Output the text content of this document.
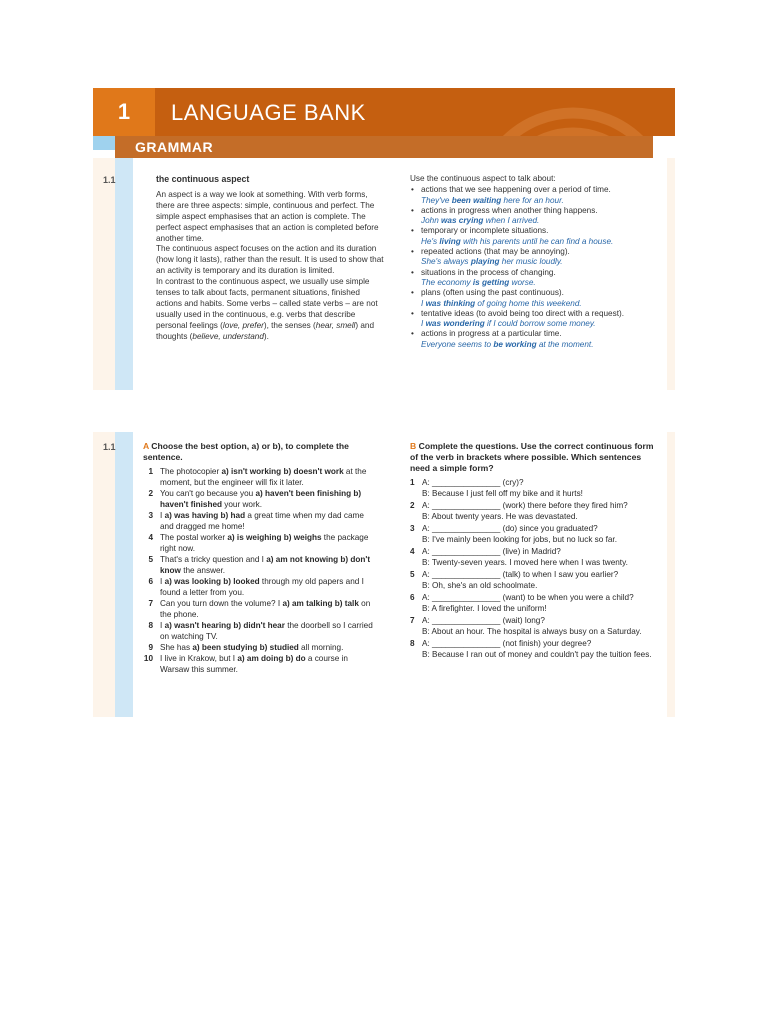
1	LANGUAGE BANK
GRAMMAR
1.1	the continuous aspect

An aspect is a way we look at something. With verb forms, there are three aspects: simple, continuous and perfect. The simple aspect emphasises that an action is complete. The perfect aspect emphasises that an action is completed before another time.

The continuous aspect focuses on the action and its duration (how long it lasts), rather than the result. It is used to show that an activity is temporary and its duration is limited.

In contrast to the continuous aspect, we usually use simple tenses to talk about facts, permanent situations, finished actions and habits. Some verbs – called state verbs – are not usually used in the continuous, e.g. verbs that describe personal feelings (love, prefer), the senses (hear, smell) and thoughts (believe, understand).

Use the continuous aspect to talk about:

• actions that we see happening over a period of time.
They've been waiting here for an hour.
• actions in progress when another thing happens.
John was crying when I arrived.
• temporary or incomplete situations.
He's living with his parents until he can find a house.
• repeated actions (that may be annoying).
She's always playing her music loudly.
• situations in the process of changing.
The economy is getting worse.
• plans (often using the past continuous).
I was thinking of going home this weekend.
• tentative ideas (to avoid being too direct with a request).
I was wondering if I could borrow some money.
• actions in progress at a particular time.
Everyone seems to be working at the moment.
1.1	A Choose the best option, a) or b), to complete the sentence.
1 The photocopier a) isn't working b) doesn't work at the moment, but the engineer will fix it later.
2 You can't go because you a) haven't been finishing b) haven't finished your work.
3 I a) was having b) had a great time when my dad came and dragged me home!
4 The postal worker a) is weighing b) weighs the package right now.
5 That's a tricky question and I a) am not knowing b) don't know the answer.
6 I a) was looking b) looked through my old papers and I found a letter from you.
7 Can you turn down the volume? I a) am talking b) talk on the phone.
8 I a) wasn't hearing b) didn't hear the doorbell so I carried on watching TV.
9 She has a) been studying b) studied all morning.
10 I live in Krakow, but I a) am doing b) do a course in Warsaw this summer.
B Complete the questions. Use the correct continuous form of the verb in brackets where possible. Which sentences need a simple form?
1 A: _______________ (cry)?
B: Because I just fell off my bike and it hurts!
2 A: _______________ (work) there before they fired him?
B: About twenty years. He was devastated.
3 A: _______________ (do) since you graduated?
B: I've mainly been looking for jobs, but no luck so far.
4 A: _______________ (live) in Madrid?
B: Twenty-seven years. I moved here when I was twenty.
5 A: _______________ (talk) to when I saw you earlier?
B: Oh, she's an old schoolmate.
6 A: _______________ (want) to be when you were a child?
B: A firefighter. I loved the uniform!
7 A: _______________ (wait) long?
B: About an hour. The hospital is always busy on a Saturday.
8 A: _______________ (not finish) your degree?
B: Because I ran out of money and couldn't pay the tuition fees.
